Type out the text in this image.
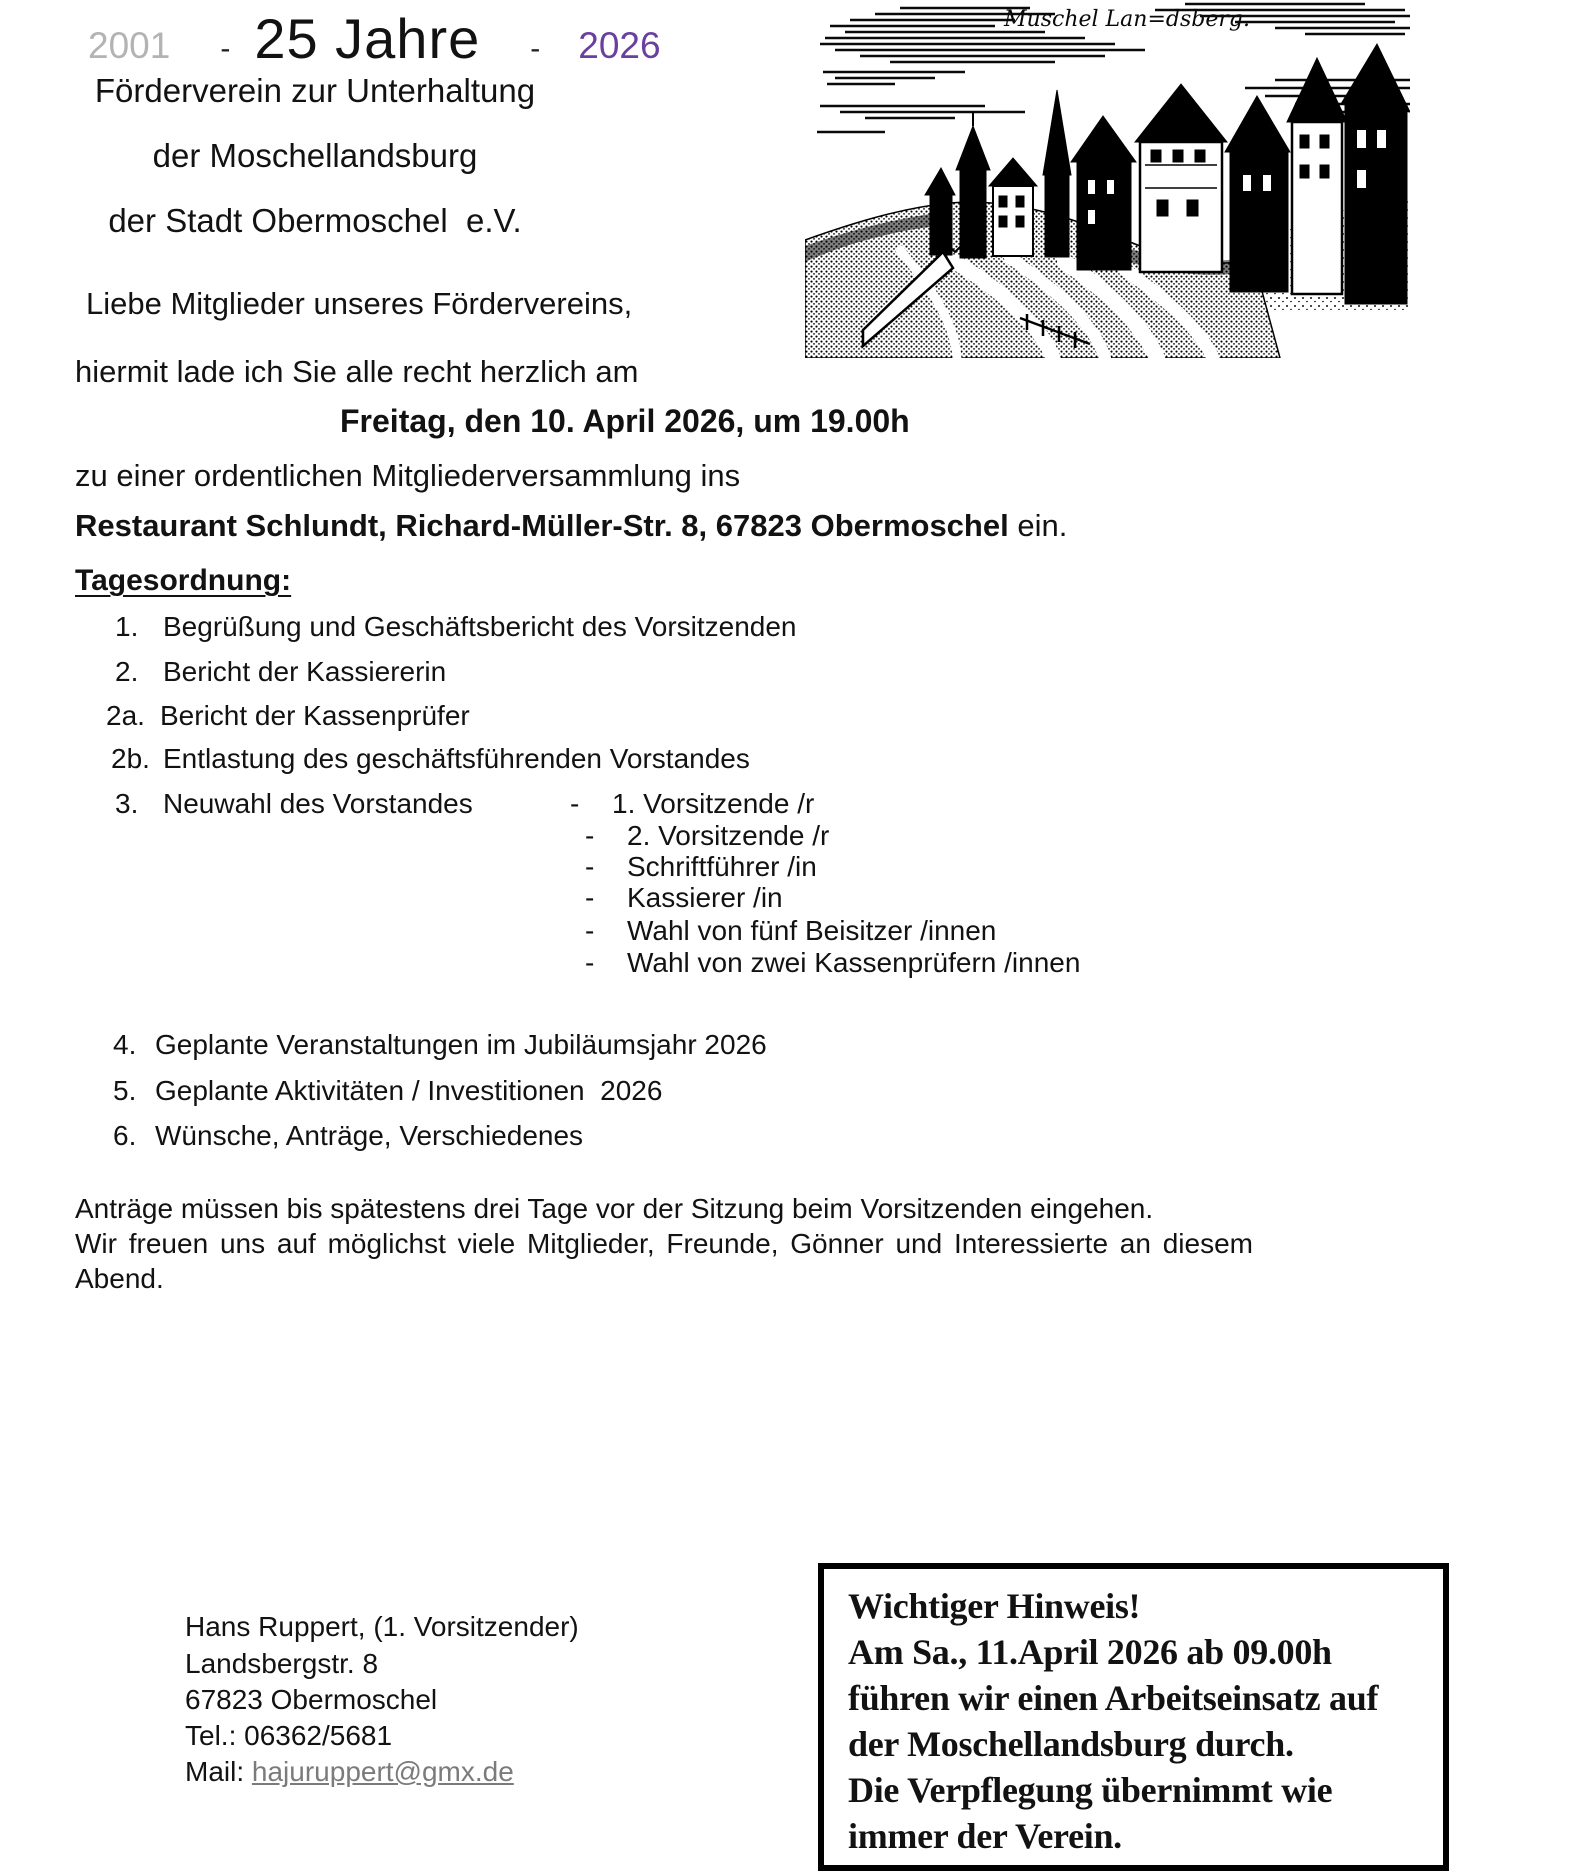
2001 - 25 Jahre - 2026
Förderverein zur Unterhaltung
der Moschellandsburg
der Stadt Obermoschel  e.V.
Muschel Lan=dsberg.
Liebe Mitglieder unseres Fördervereins,
hiermit lade ich Sie alle recht herzlich am
Freitag, den 10. April 2026, um 19.00h
zu einer ordentlichen Mitgliederversammlung ins
Restaurant Schlundt, Richard-Müller-Str. 8, 67823 Obermoschel ein.
Tagesordnung:
1. Begrüßung und Geschäftsbericht des Vorsitzenden
2. Bericht der Kassiererin
2a. Bericht der Kassenprüfer
2b. Entlastung des geschäftsführenden Vorstandes
3. Neuwahl des Vorstandes	- 1. Vorsitzende /r
- 2. Vorsitzende /r
- Schriftführer /in
- Kassierer /in
- Wahl von fünf Beisitzer /innen
- Wahl von zwei Kassenprüfern /innen
4. Geplante Veranstaltungen im Jubiläumsjahr 2026
5. Geplante Aktivitäten / Investitionen  2026
6. Wünsche, Anträge, Verschiedenes
Anträge müssen bis spätestens drei Tage vor der Sitzung beim Vorsitzenden eingehen.
Wir freuen uns auf möglichst viele Mitglieder, Freunde, Gönner und Interessierte an diesem Abend.
Hans Ruppert, (1. Vorsitzender)
Landsbergstr. 8
67823 Obermoschel
Tel.: 06362/5681
Mail: hajuruppert@gmx.de
Wichtiger Hinweis!
Am Sa., 11.April 2026 ab 09.00h
führen wir einen Arbeitseinsatz auf
der Moschellandsburg durch.
Die Verpflegung übernimmt wie
immer der Verein.
